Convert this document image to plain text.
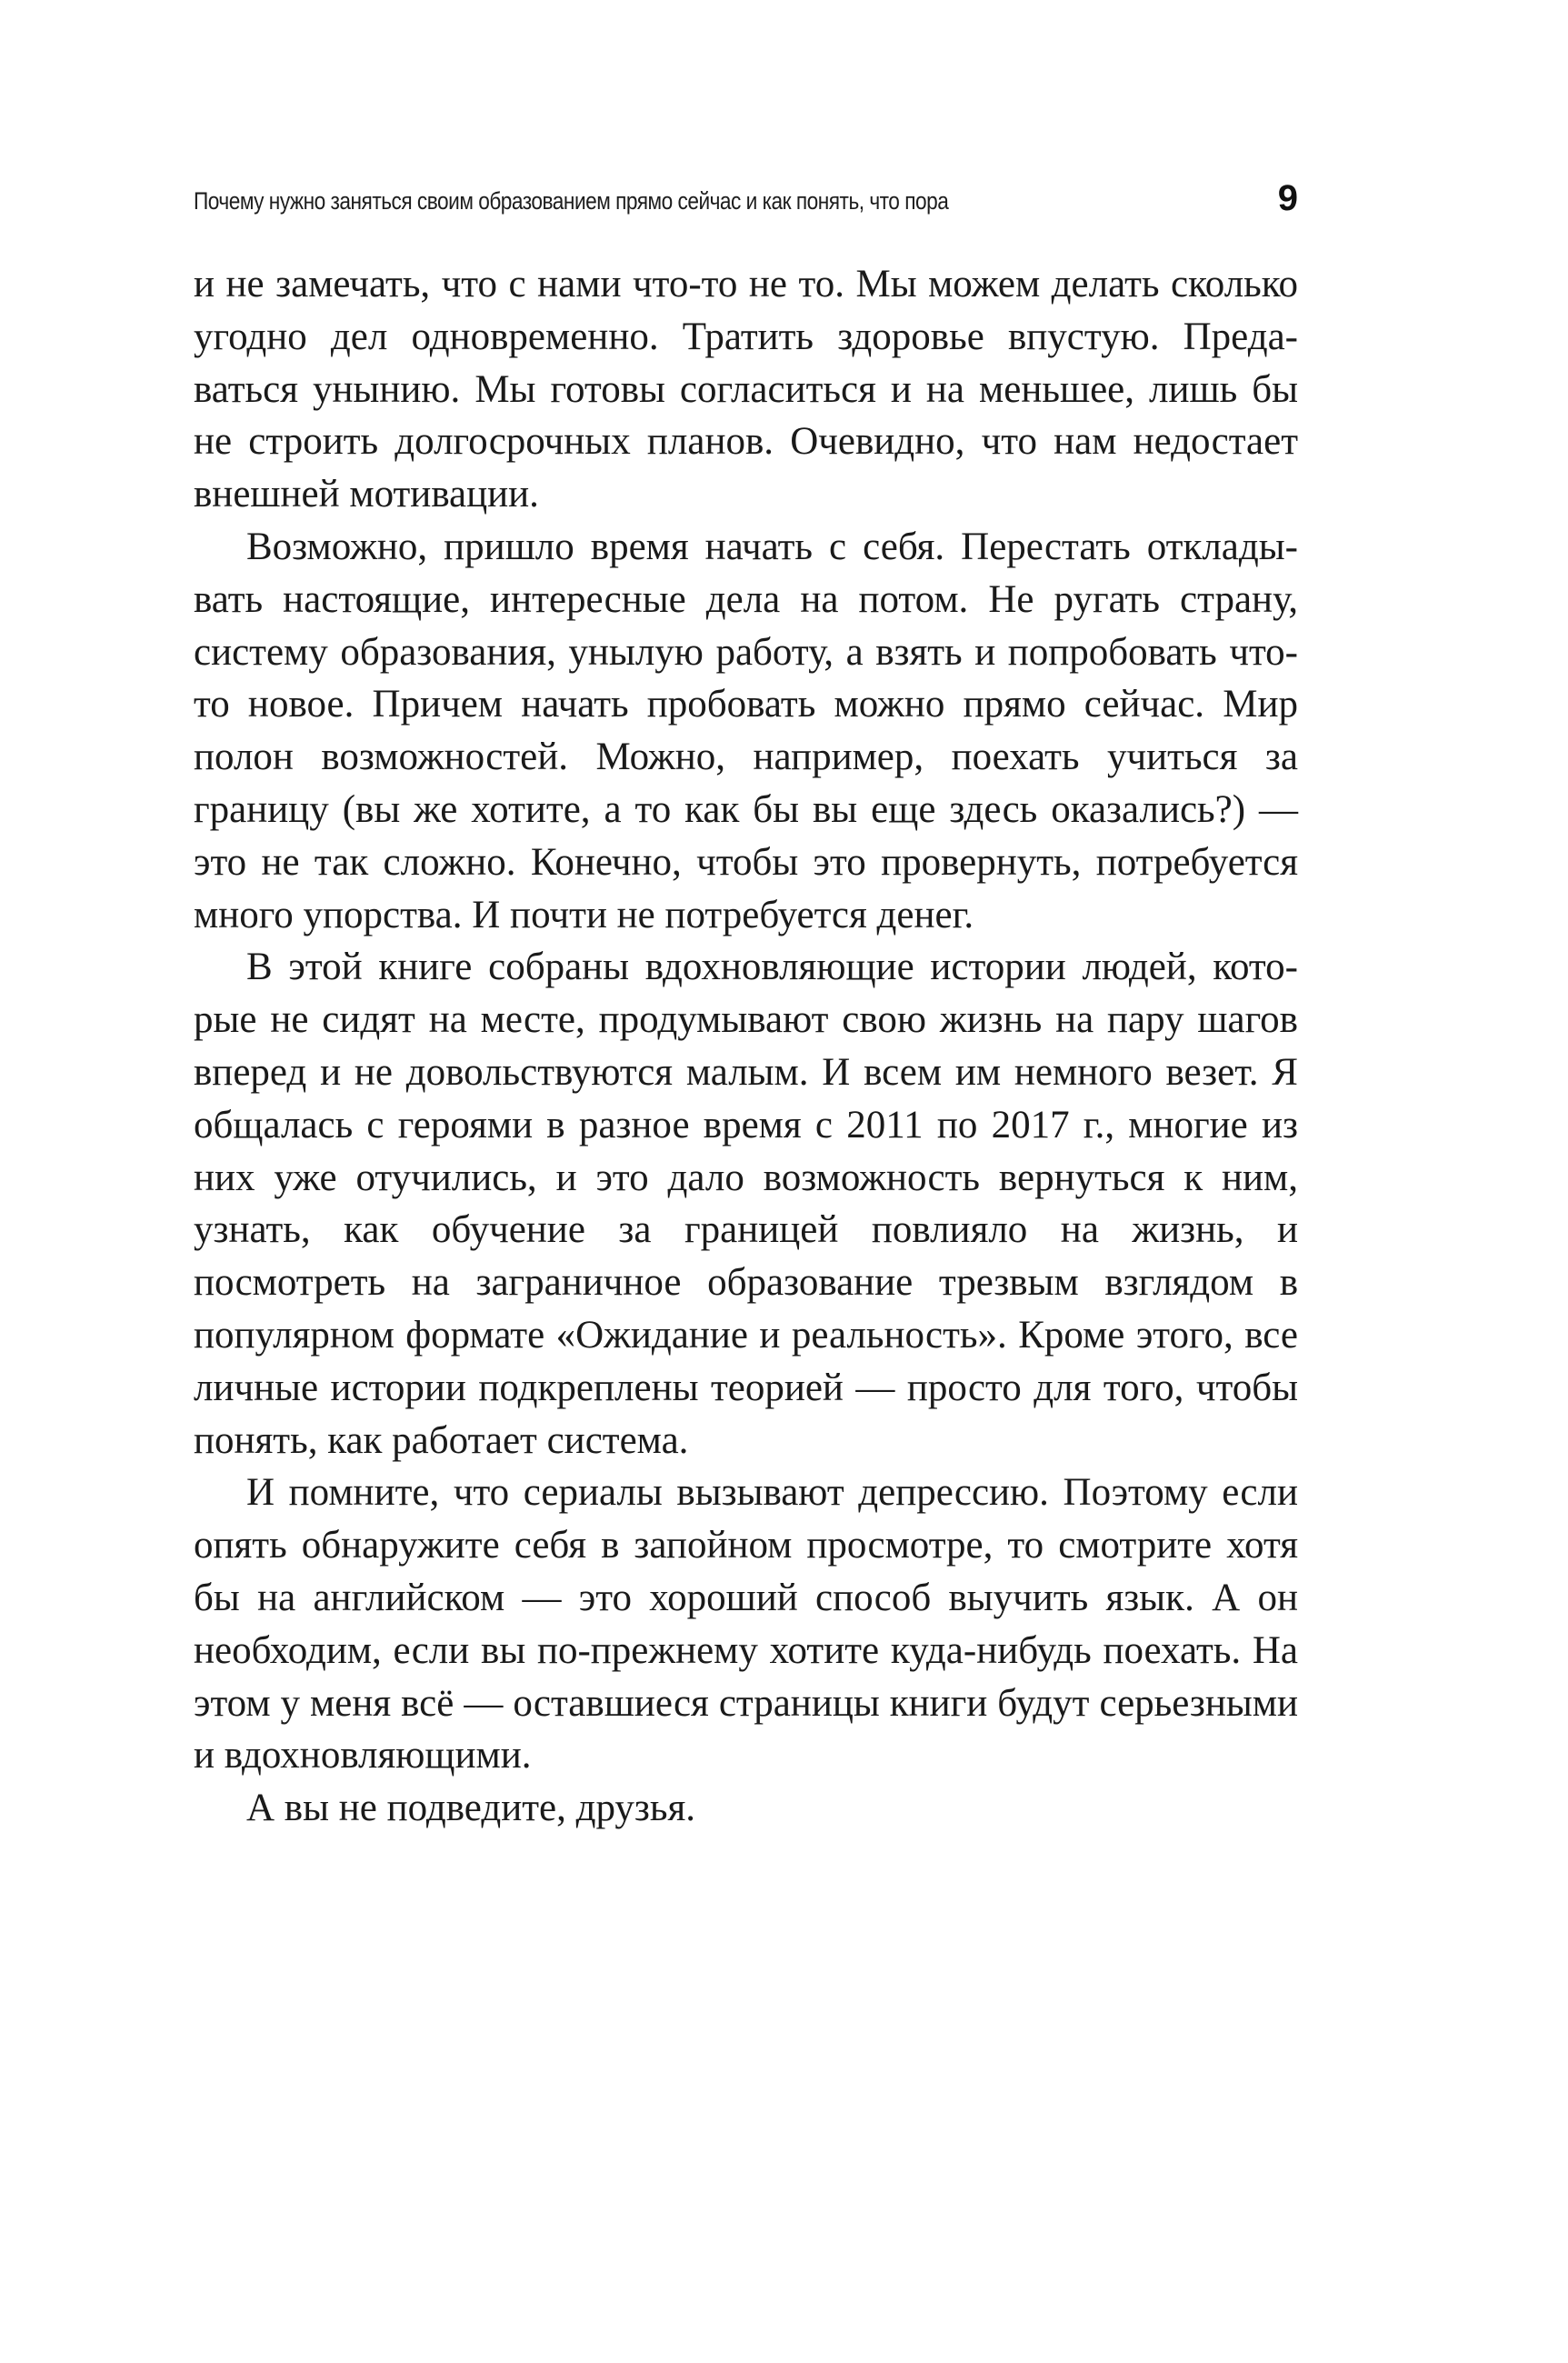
Почему нужно заняться своим образованием прямо сейчас и как понять, что пора	9

и не замечать, что с нами что-то не то. Мы можем делать сколько угодно дел одновременно. Тратить здоровье впустую. Предаваться унынию. Мы готовы согласиться и на меньшее, лишь бы не строить долгосрочных планов. Очевидно, что нам недостает внешней мотивации.

Возможно, пришло время начать с себя. Перестать откладывать настоящие, интересные дела на потом. Не ругать страну, систему образования, унылую работу, а взять и попробовать что-то новое. Причем начать пробовать можно прямо сейчас. Мир полон возможностей. Можно, например, поехать учиться за границу (вы же хотите, а то как бы вы еще здесь оказались?) — это не так сложно. Конечно, чтобы это провернуть, потребуется много упорства. И почти не потребуется денег.

В этой книге собраны вдохновляющие истории людей, которые не сидят на месте, продумывают свою жизнь на пару шагов вперед и не довольствуются малым. И всем им немного везет. Я общалась с героями в разное время с 2011 по 2017 г., многие из них уже отучились, и это дало возможность вернуться к ним, узнать, как обучение за границей повлияло на жизнь, и посмотреть на заграничное образование трезвым взглядом в популярном формате «Ожидание и реальность». Кроме этого, все личные истории подкреплены теорией — просто для того, чтобы понять, как работает система.

И помните, что сериалы вызывают депрессию. Поэтому если опять обнаружите себя в запойном просмотре, то смотрите хотя бы на английском — это хороший способ выучить язык. А он необходим, если вы по-прежнему хотите куда-нибудь поехать. На этом у меня всё — оставшиеся страницы книги будут серьезными и вдохновляющими.

А вы не подведите, друзья.
